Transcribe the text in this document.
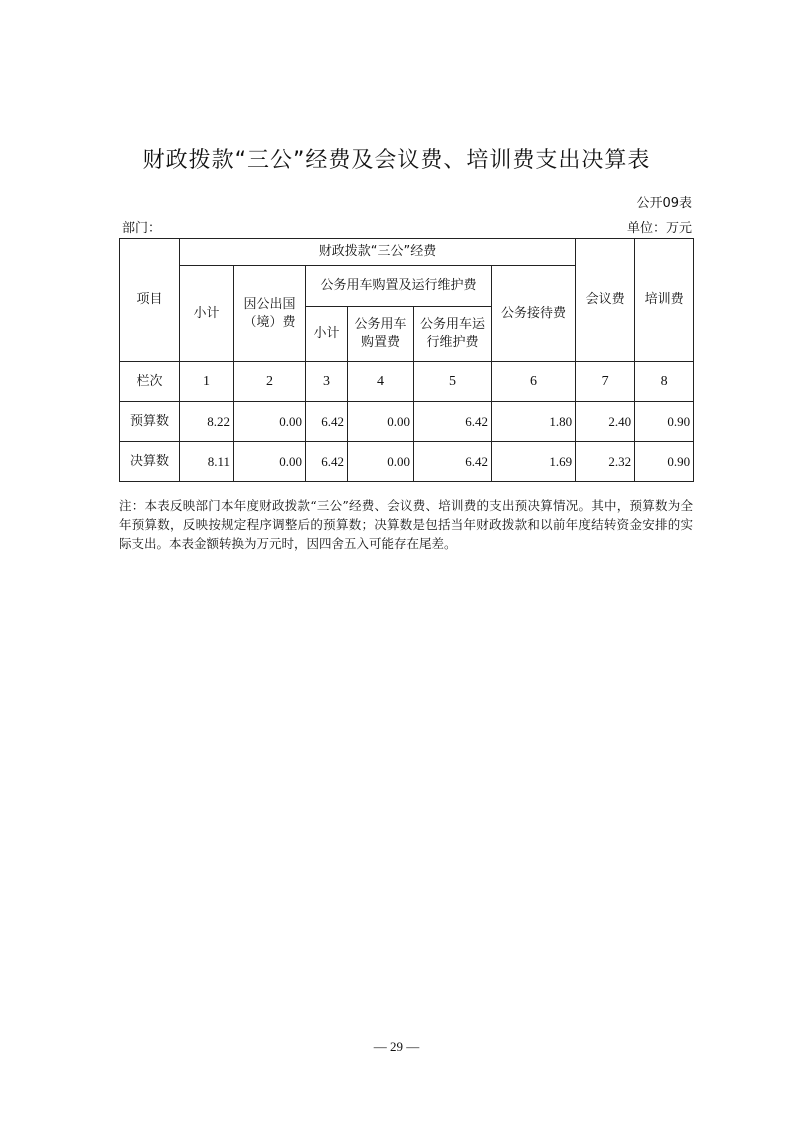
财政拨款“三公”经费及会议费、培训费支出决算表
公开09表
部门：	单位：万元
项目	财政拨款“三公”经费						会议费	培训费
	小计	因公出国（境）费	公务用车购置及运行维护费			公务接待费		
			小计	公务用车购置费	公务用车运行维护费			

栏次	1	2	3	4	5	6	7	8
预算数	8.22	0.00	6.42	0.00	6.42	1.80	2.40	0.90
决算数	8.11	0.00	6.42	0.00	6.42	1.69	2.32	0.90
注：本表反映部门本年度财政拨款“三公”经费、会议费、培训费的支出预决算情况。其中，预算数为全年预算数，反映按规定程序调整后的预算数；决算数是包括当年财政拨款和以前年度结转资金安排的实际支出。本表金额转换为万元时，因四舍五入可能存在尾差。
— 29 —
